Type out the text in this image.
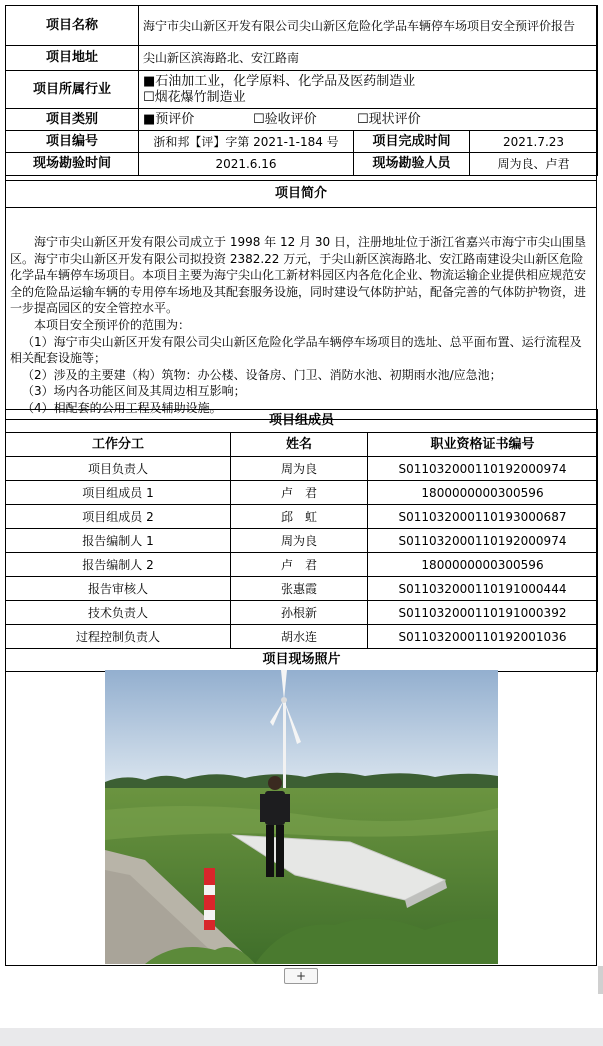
项目名称	海宁市尖山新区开发有限公司尖山新区危险化学品车辆停车场项目安全预评价报告		
项目地址	尖山新区滨海路北、安江路南		
项目所属行业	■石油加工业，化学原料、化学品及医药制造业
☐烟花爆竹制造业		

项目类别	■预评价 ☐验收评价 ☐现状评价		
项目编号	浙和邦【评】字第 2021-1-184 号	项目完成时间	2021.7.23
现场勘验时间	2021.6.16	现场勘验人员	周为良、卢君
项目简介

海宁市尖山新区开发有限公司成立于 1998 年 12 月 30 日，注册地址位于浙江省嘉兴市海宁市尖山围垦区。海宁市尖山新区开发有限公司拟投资 2382.22 万元，于尖山新区滨海路北、安江路南建设尖山新区危险化学品车辆停车场项目。本项目主要为海宁尖山化工新材料园区内各危化企业、物流运输企业提供相应规范安全的危险品运输车辆的专用停车场地及其配套服务设施，同时建设气体防护站，配备完善的气体防护物资，进一步提高园区的安全管控水平。

本项目安全预评价的范围为：

（1）海宁市尖山新区开发有限公司尖山新区危险化学品车辆停车场项目的选址、总平面布置、运行流程及相关配套设施等；

（2）涉及的主要建（构）筑物：办公楼、设备房、门卫、消防水池、初期雨水池/应急池；

（3）场内各功能区间及其周边相互影响；

（4）相配套的公用工程及辅助设施。

项目组成员		
工作分工	姓名	职业资格证书编号
项目负责人	周为良	S011032000110192000974
项目组成员 1	卢　君	1800000000300596
项目组成员 2	邱　虹	S011032000110193000687
报告编制人 1	周为良	S011032000110192000974
报告编制人 2	卢　君	1800000000300596
报告审核人	张惠霞	S011032000110191000444
技术负责人	孙根新	S011032000110191000392
过程控制负责人	胡水连	S011032000110192001036
项目现场照片		
+
